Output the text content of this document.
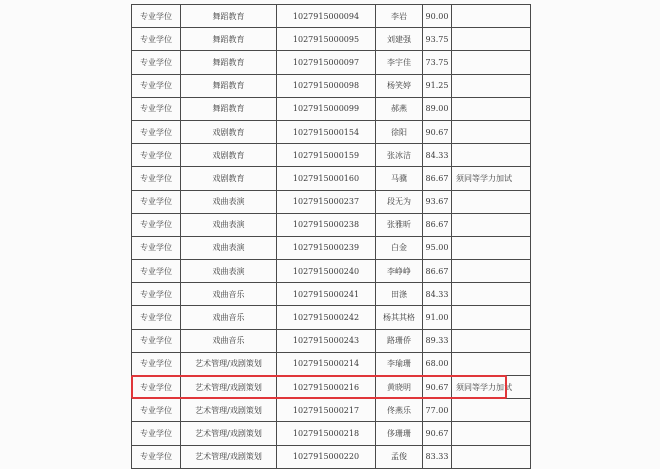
专业学位	舞蹈教育	1027915000094	李岩	90.00	
专业学位	舞蹈教育	1027915000095	刘建强	93.75	
专业学位	舞蹈教育	1027915000097	李宇佳	73.75	
专业学位	舞蹈教育	1027915000098	杨笑婷	91.25	
专业学位	舞蹈教育	1027915000099	郝燕	89.00	
专业学位	戏剧教育	1027915000154	徐阳	90.67	
专业学位	戏剧教育	1027915000159	张冰洁	84.33	
专业学位	戏剧教育	1027915000160	马骥	86.67	须同等学力加试
专业学位	戏曲表演	1027915000237	段无为	93.67	
专业学位	戏曲表演	1027915000238	张雅昕	86.67	
专业学位	戏曲表演	1027915000239	白金	95.00	
专业学位	戏曲表演	1027915000240	李峥峥	86.67	
专业学位	戏曲音乐	1027915000241	田涤	84.33	
专业学位	戏曲音乐	1027915000242	杨其其格	91.00	
专业学位	戏曲音乐	1027915000243	路珊侨	89.33	
专业学位	艺术管理/戏剧策划	1027915000214	李瑜珊	68.00	
专业学位	艺术管理/戏剧策划	1027915000216	黄晓明	90.67	须同等学力加试
专业学位	艺术管理/戏剧策划	1027915000217	佟燕乐	77.00	
专业学位	艺术管理/戏剧策划	1027915000218	侈珊珊	90.67	
专业学位	艺术管理/戏剧策划	1027915000220	孟俊	83.33	
